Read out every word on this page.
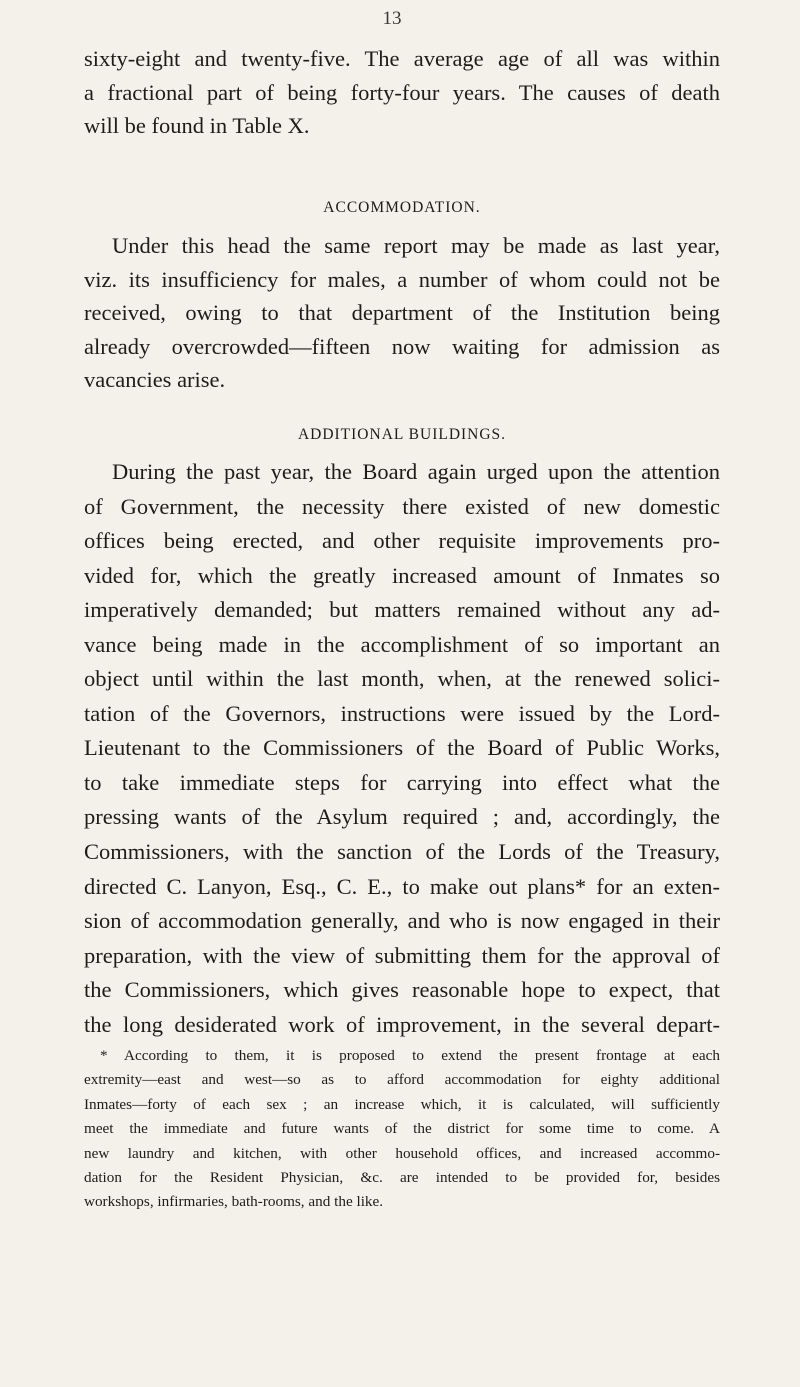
13
sixty-eight and twenty-five. The average age of all was within
a fractional part of being forty-four years. The causes of death
will be found in Table X.
ACCOMMODATION.
Under this head the same report may be made as last year,
viz. its insufficiency for males, a number of whom could not be
received, owing to that department of the Institution being
already overcrowded—fifteen now waiting for admission as
vacancies arise.
ADDITIONAL BUILDINGS.
During the past year, the Board again urged upon the attention
of Government, the necessity there existed of new domestic
offices being erected, and other requisite improvements pro-
vided for, which the greatly increased amount of Inmates so
imperatively demanded; but matters remained without any ad-
vance being made in the accomplishment of so important an
object until within the last month, when, at the renewed solici-
tation of the Governors, instructions were issued by the Lord-
Lieutenant to the Commissioners of the Board of Public Works,
to take immediate steps for carrying into effect what the
pressing wants of the Asylum required ; and, accordingly, the
Commissioners, with the sanction of the Lords of the Treasury,
directed C. Lanyon, Esq., C. E., to make out plans* for an exten-
sion of accommodation generally, and who is now engaged in their
preparation, with the view of submitting them for the approval of
the Commissioners, which gives reasonable hope to expect, that
the long desiderated work of improvement, in the several depart-
* According to them, it is proposed to extend the present frontage at each
extremity—east and west—so as to afford accommodation for eighty additional
Inmates—forty of each sex ; an increase which, it is calculated, will sufficiently
meet the immediate and future wants of the district for some time to come. A
new laundry and kitchen, with other household offices, and increased accommo-
dation for the Resident Physician, &c. are intended to be provided for, besides
workshops, infirmaries, bath-rooms, and the like.
